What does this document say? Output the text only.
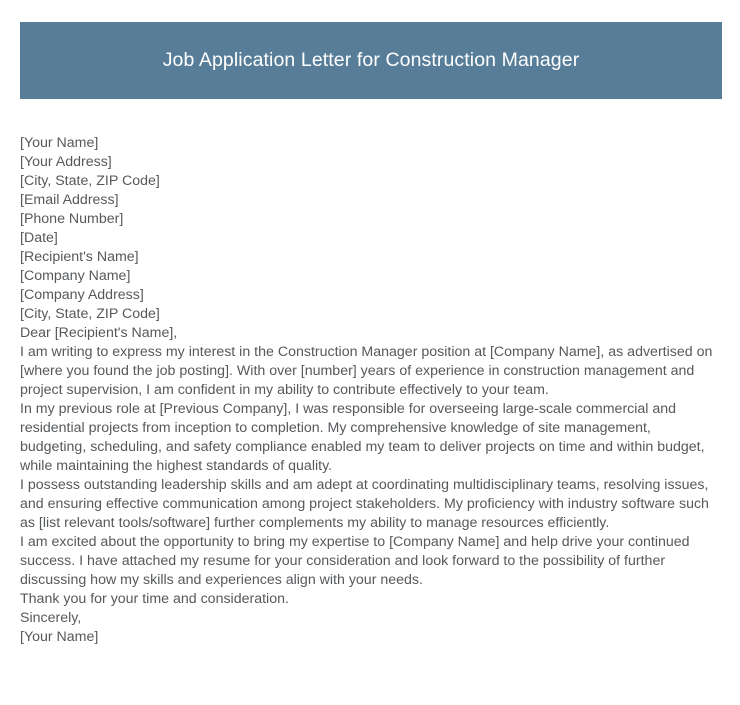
Job Application Letter for Construction Manager
[Your Name]
[Your Address]
[City, State, ZIP Code]
[Email Address]
[Phone Number]
[Date]
[Recipient's Name]
[Company Name]
[Company Address]
[City, State, ZIP Code]
Dear [Recipient's Name],

I am writing to express my interest in the Construction Manager position at [Company Name], as advertised on [where you found the job posting]. With over [number] years of experience in construction management and project supervision, I am confident in my ability to contribute effectively to your team.

In my previous role at [Previous Company], I was responsible for overseeing large-scale commercial and residential projects from inception to completion. My comprehensive knowledge of site management, budgeting, scheduling, and safety compliance enabled my team to deliver projects on time and within budget, while maintaining the highest standards of quality.

I possess outstanding leadership skills and am adept at coordinating multidisciplinary teams, resolving issues, and ensuring effective communication among project stakeholders. My proficiency with industry software such as [list relevant tools/software] further complements my ability to manage resources efficiently.

I am excited about the opportunity to bring my expertise to [Company Name] and help drive your continued success. I have attached my resume for your consideration and look forward to the possibility of further discussing how my skills and experiences align with your needs.

Thank you for your time and consideration.
Sincerely,
[Your Name]
